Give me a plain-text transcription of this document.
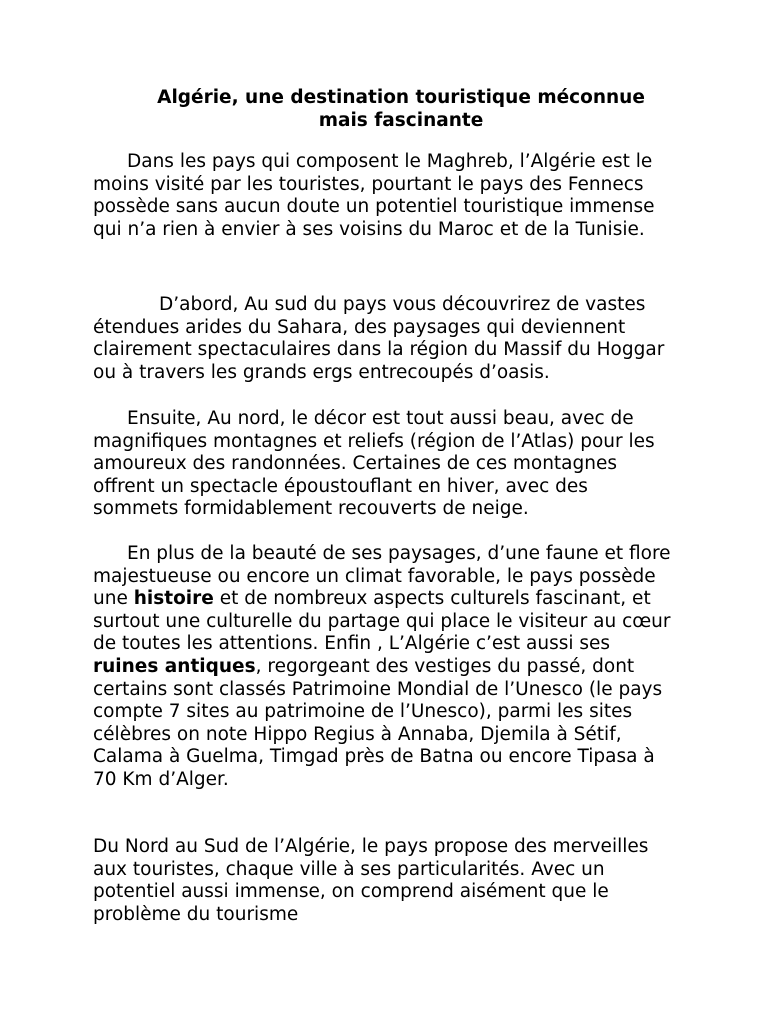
Algérie, une destination touristique méconnue
mais fascinante

Dans les pays qui composent le Maghreb, l’Algérie est le moins visité par les touristes, pourtant le pays des Fennecs possède sans aucun doute un potentiel touristique immense qui n’a rien à envier à ses voisins du Maroc et de la Tunisie.

D’abord, Au sud du pays vous découvrirez de vastes étendues arides du Sahara, des paysages qui deviennent clairement spectaculaires dans la région du Massif du Hoggar ou à travers les grands ergs entrecoupés d’oasis.

Ensuite, Au nord, le décor est tout aussi beau, avec de magnifiques montagnes et reliefs (région de l’Atlas) pour les amoureux des randonnées. Certaines de ces montagnes offrent un spectacle époustouflant en hiver, avec des sommets formidablement recouverts de neige.

En plus de la beauté de ses paysages, d’une faune et flore majestueuse ou encore un climat favorable, le pays possède une histoire et de nombreux aspects culturels fascinant, et surtout une culturelle du partage qui place le visiteur au cœur de toutes les attentions. Enfin , L’Algérie c’est aussi ses ruines antiques, regorgeant des vestiges du passé, dont certains sont classés Patrimoine Mondial de l’Unesco (le pays compte 7 sites au patrimoine de l’Unesco), parmi les sites célèbres on note Hippo Regius à Annaba, Djemila à Sétif, Calama à Guelma, Timgad près de Batna ou encore Tipasa à 70 Km d’Alger.

Du Nord au Sud de l’Algérie, le pays propose des merveilles aux touristes, chaque ville à ses particularités. Avec un potentiel aussi immense, on comprend aisément que le problème du tourisme
